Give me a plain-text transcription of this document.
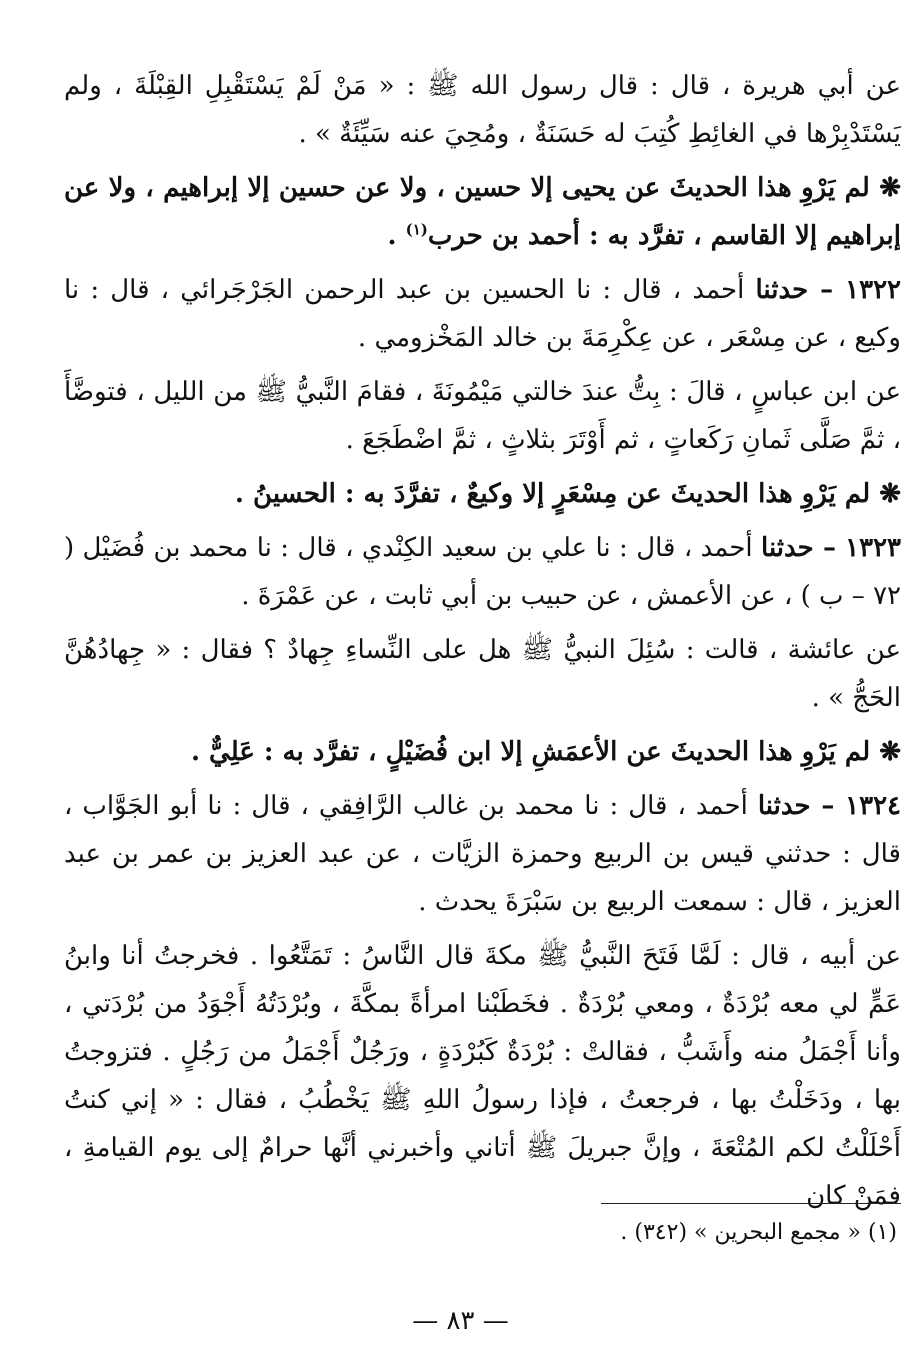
عن أبي هريرة ، قال : قال رسول الله ﷺ : « مَنْ لَمْ يَسْتَقْبِلِ القِبْلَةَ ، ولم يَسْتَدْبِرْها في الغائِطِ كُتِبَ له حَسَنَةٌ ، ومُحِيَ عنه سَيِّئَةٌ » .

❋ لم يَرْوِ هذا الحديثَ عن يحيى إلا حسين ، ولا عن حسين إلا إبراهيم ، ولا عن إبراهيم إلا القاسم ، تفرَّد به : أحمد بن حرب$^{(١)}$ .

١٣٢٢ – حدثنا أحمد ، قال : نا الحسين بن عبد الرحمن الجَرْجَرائي ، قال : نا وكيع ، عن مِسْعَر ، عن عِكْرِمَةَ بن خالد المَخْزومي .

عن ابن عباسٍ ، قالَ : بِتُّ عندَ خالتي مَيْمُونَةَ ، فقامَ النَّبيُّ ﷺ من الليل ، فتوضَّأَ ، ثمَّ صَلَّى ثَمانِ رَكَعاتٍ ، ثم أَوْتَرَ بثلاثٍ ، ثمَّ اضْطَجَعَ .

❋ لم يَرْوِ هذا الحديثَ عن مِسْعَرٍ إلا وكيعٌ ، تفرَّدَ به : الحسينُ .

١٣٢٣ – حدثنا أحمد ، قال : نا علي بن سعيد الكِنْدي ، قال : نا محمد بن فُضَيْل ( ٧٢ – ب ) ، عن الأعمش ، عن حبيب بن أبي ثابت ، عن عَمْرَةَ .

عن عائشة ، قالت : سُئِلَ النبيُّ ﷺ هل على النِّساءِ جِهادٌ ؟ فقال : « جِهادُهُنَّ الحَجُّ » .

❋ لم يَرْوِ هذا الحديثَ عن الأعمَشِ إلا ابن فُضَيْلٍ ، تفرَّد به : عَلِيٌّ .

١٣٢٤ – حدثنا أحمد ، قال : نا محمد بن غالب الرَّافِقي ، قال : نا أبو الجَوَّاب ، قال : حدثني قيس بن الربيع وحمزة الزيَّات ، عن عبد العزيز بن عمر بن عبد العزيز ، قال : سمعت الربيع بن سَبْرَةَ يحدث .

عن أبيه ، قال : لَمَّا فَتَحَ النَّبيُّ ﷺ مكةَ قال النَّاسُ : تَمَتَّعُوا . فخرجتُ أنا وابنُ عَمٍّ لي معه بُرْدَةٌ ، ومعي بُرْدَةٌ . فخَطَبْنا امرأةً بمكَّةَ ، وبُرْدَتُهُ أَجْوَدُ من بُرْدَتي ، وأنا أَجْمَلُ منه وأَشَبُّ ، فقالتْ : بُرْدَةٌ كَبُرْدَةٍ ، ورَجُلٌ أَجْمَلُ من رَجُلٍ . فتزوجتُ بها ، ودَخَلْتُ بها ، فرجعتُ ، فإذا رسولُ اللهِ ﷺ يَخْطُبُ ، فقال : « إني كنتُ أَحْلَلْتُ لكم المُتْعَةَ ، وإنَّ جبريلَ ﷺ أتاني وأخبرني أنَّها حرامٌ إلى يوم القيامةِ ، فمَنْ كان

(١) « مجمع البحرين » (٣٤٢) .
— ٨٣ —
